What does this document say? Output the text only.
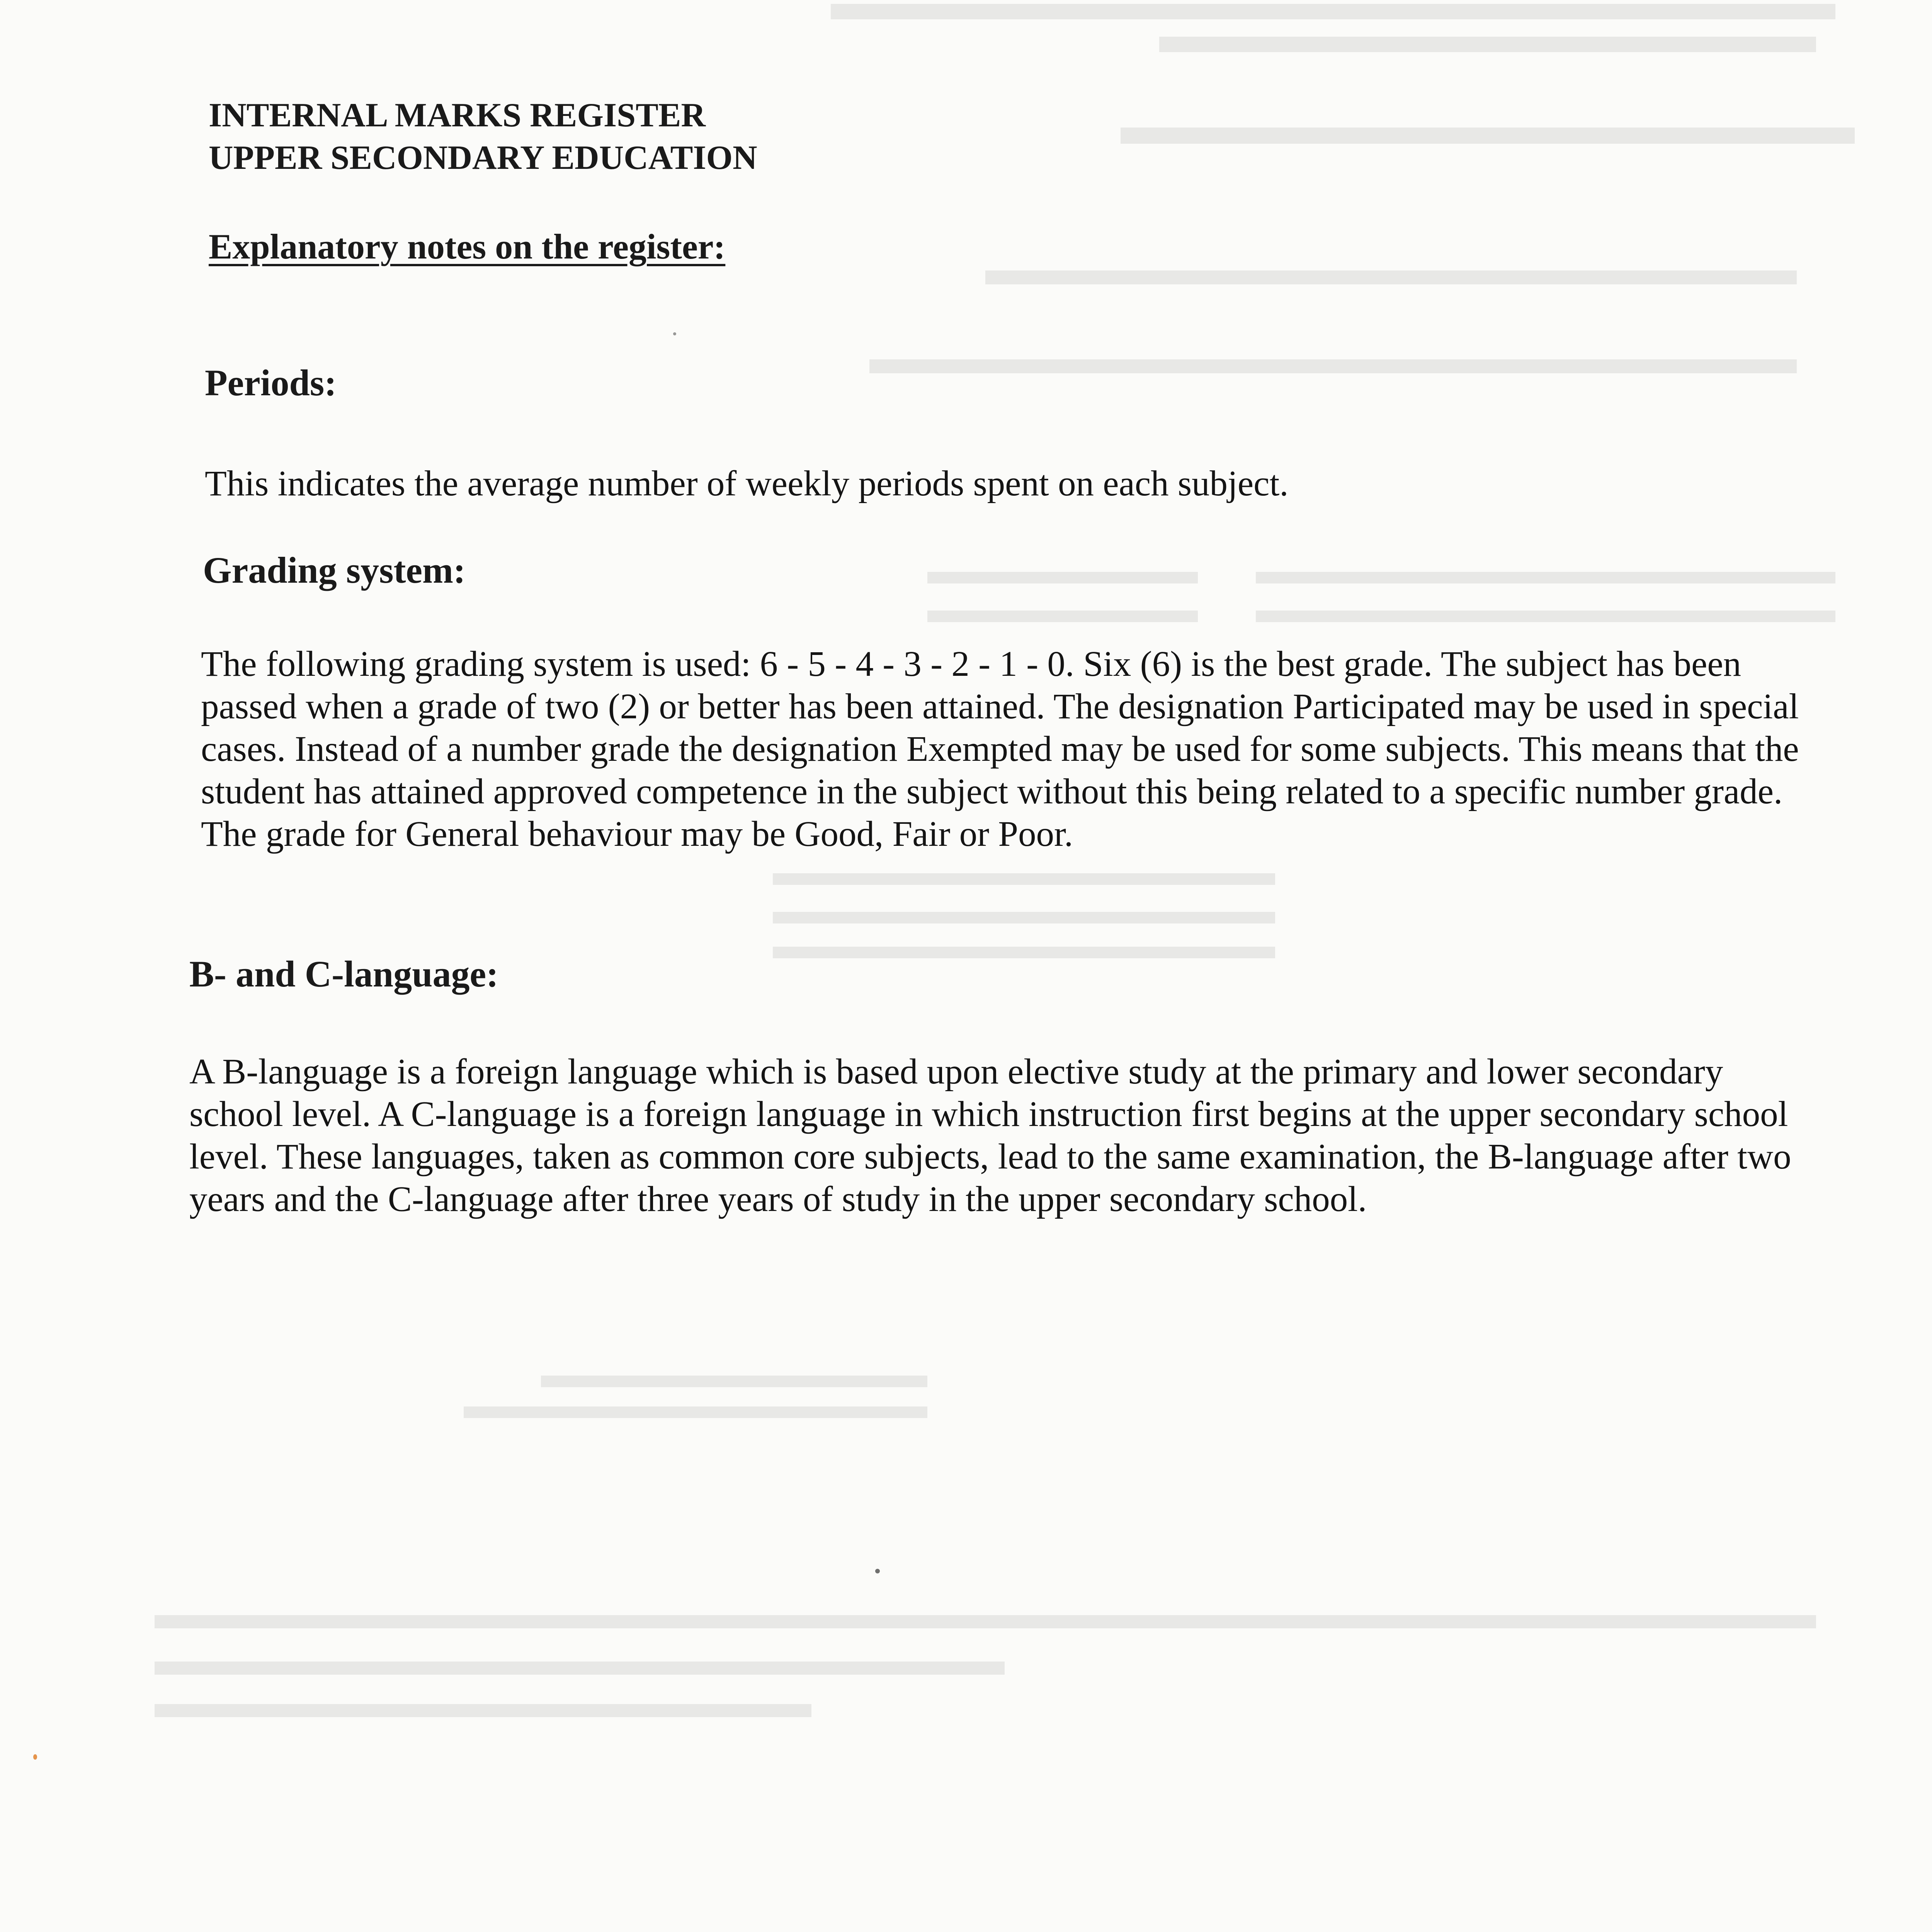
INTERNAL MARKS REGISTER
UPPER SECONDARY EDUCATION
Explanatory notes on the register:
Periods:
This indicates the average number of weekly periods spent on each subject.
Grading system:
The following grading system is used: 6 - 5 - 4 - 3 - 2 - 1 - 0. Six (6) is the best grade. The subject has been
passed when a grade of two (2) or better has been attained. The designation Participated may be used in special
cases. Instead of a number grade the designation Exempted may be used for some subjects. This means that the
student has attained approved competence in the subject without this being related to a specific number grade.
The grade for General behaviour may be Good, Fair or Poor.
B- and C-language:
A B-language is a foreign language which is based upon elective study at the primary and lower secondary
school level. A C-language is a foreign language in which instruction first begins at the upper secondary school
level. These languages, taken as common core subjects, lead to the same examination, the B-language after two
years and the C-language after three years of study in the upper secondary school.
